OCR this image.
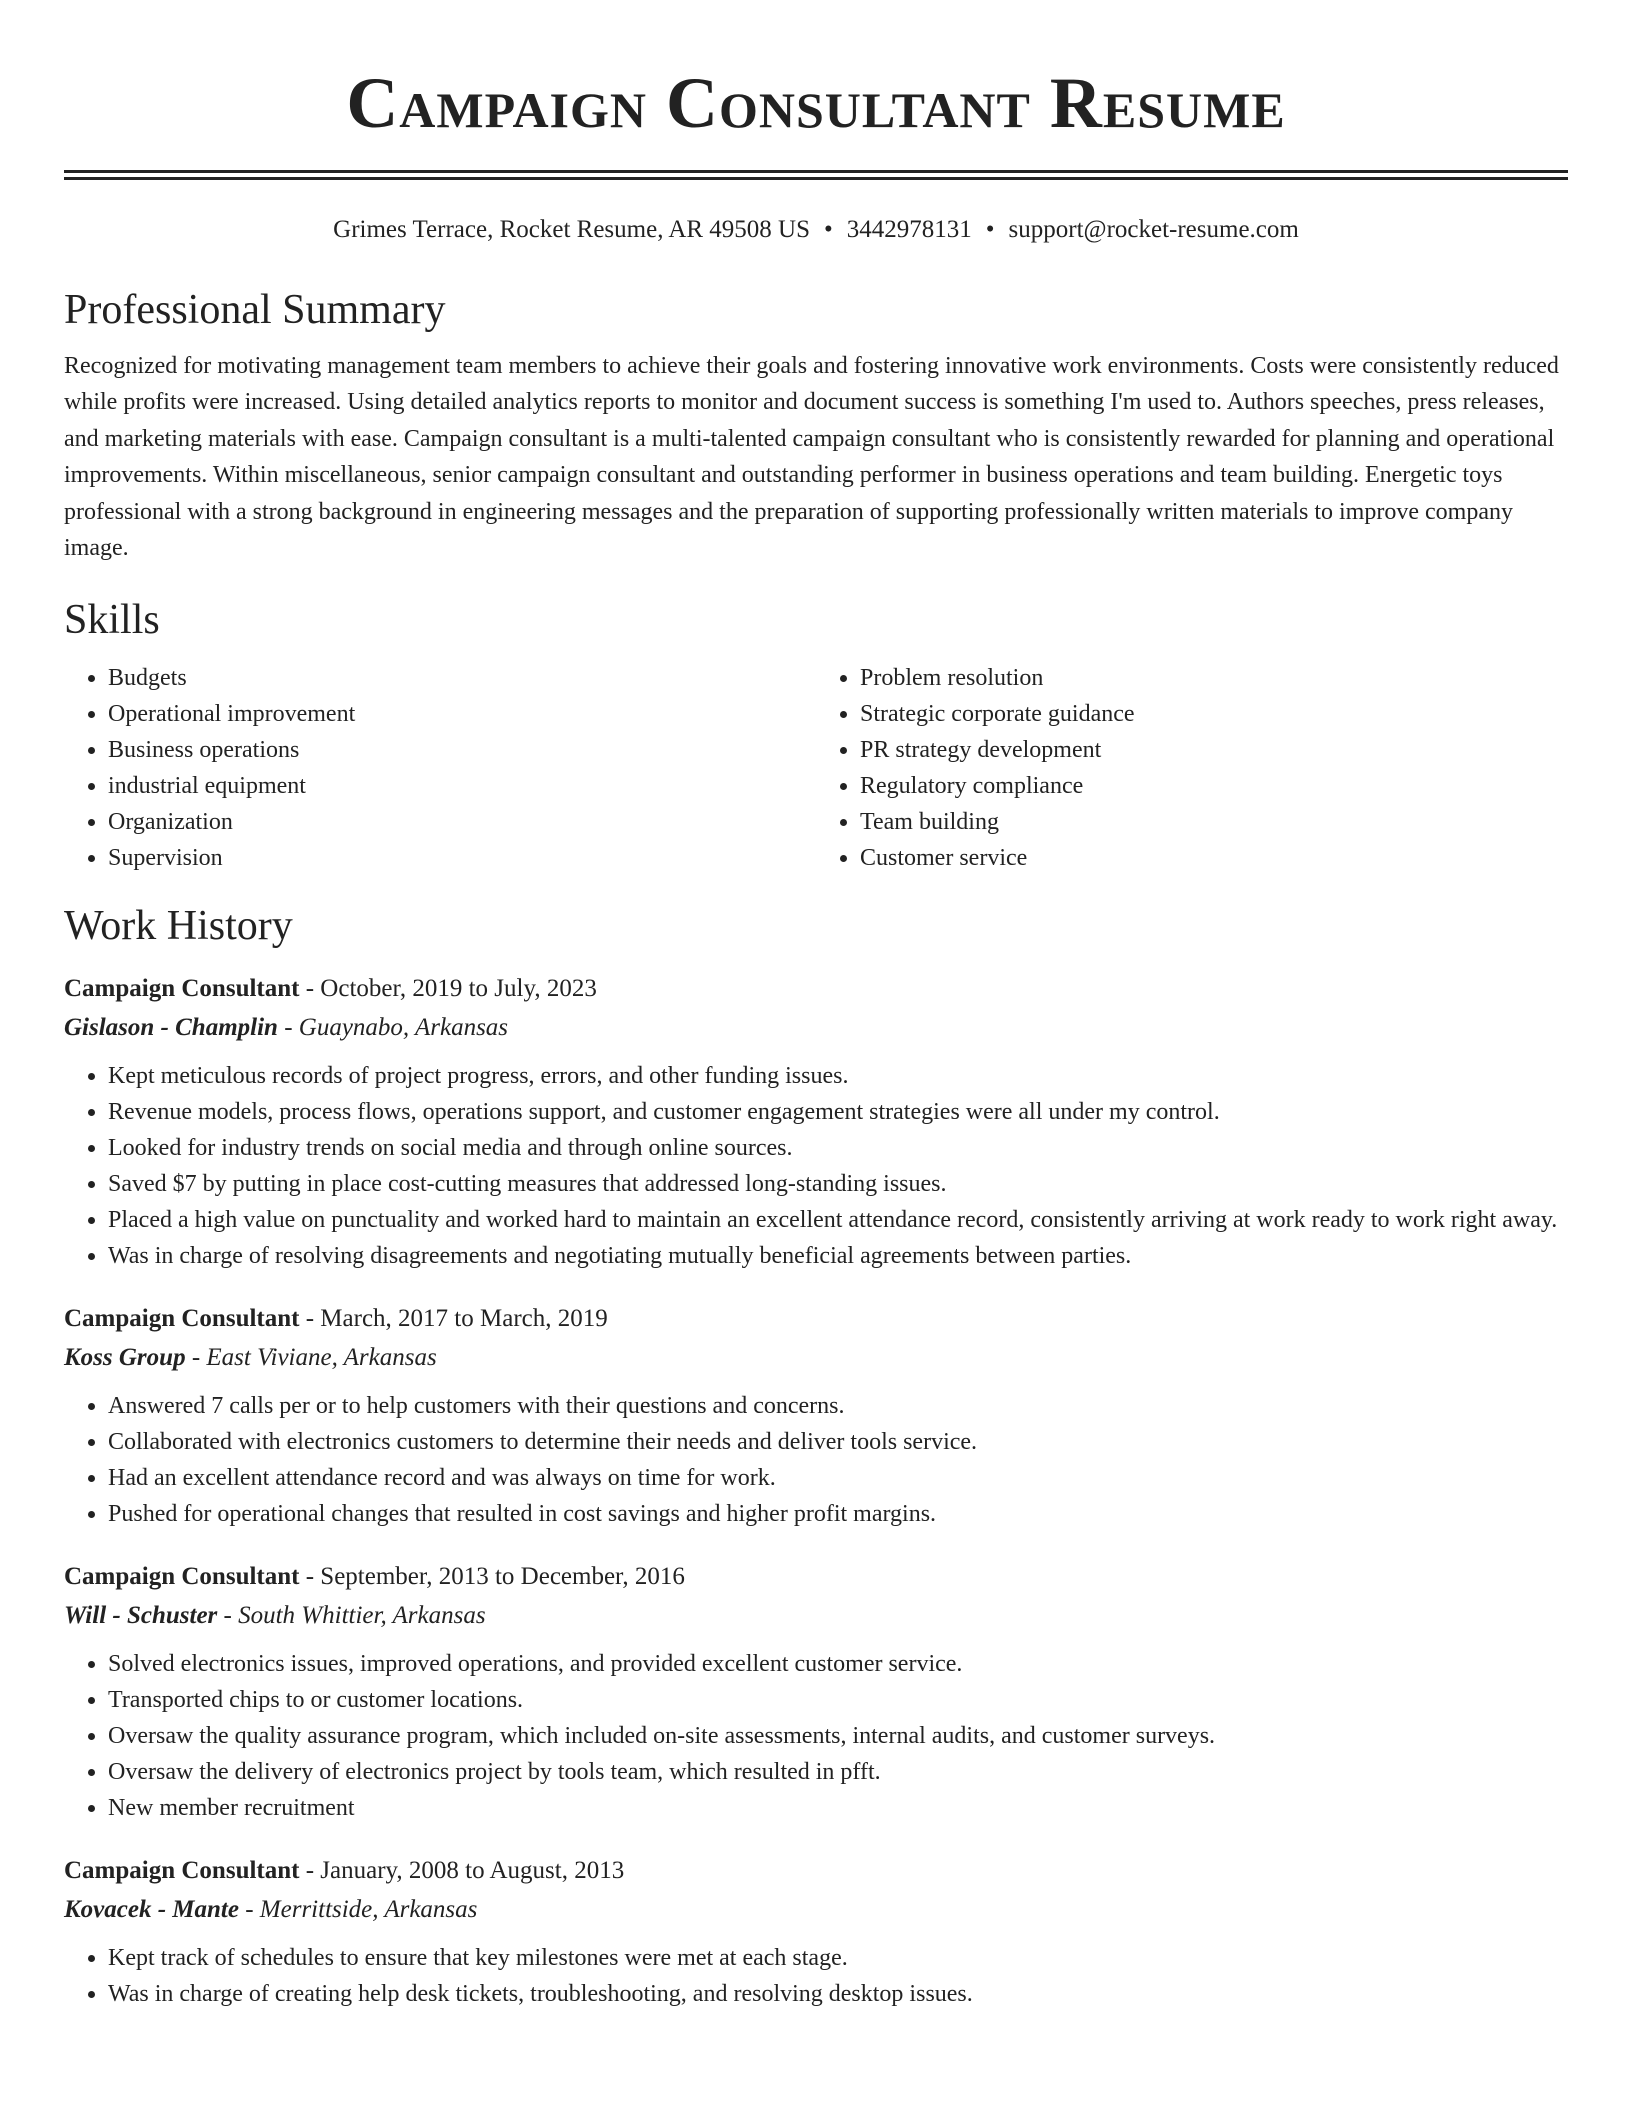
Campaign Consultant Resume
Grimes Terrace, Rocket Resume, AR 49508 US • 3442978131 • support@rocket-resume.com
Professional Summary
Recognized for motivating management team members to achieve their goals and fostering innovative work environments. Costs were consistently reduced while profits were increased. Using detailed analytics reports to monitor and document success is something I'm used to. Authors speeches, press releases, and marketing materials with ease. Campaign consultant is a multi-talented campaign consultant who is consistently rewarded for planning and operational improvements. Within miscellaneous, senior campaign consultant and outstanding performer in business operations and team building. Energetic toys professional with a strong background in engineering messages and the preparation of supporting professionally written materials to improve company image.
Skills
• Budgets
• Operational improvement
• Business operations
• industrial equipment
• Organization
• Supervision
• Problem resolution
• Strategic corporate guidance
• PR strategy development
• Regulatory compliance
• Team building
• Customer service
Work History
Campaign Consultant - October, 2019 to July, 2023
Gislason - Champlin - Guaynabo, Arkansas
• Kept meticulous records of project progress, errors, and other funding issues.
• Revenue models, process flows, operations support, and customer engagement strategies were all under my control.
• Looked for industry trends on social media and through online sources.
• Saved $7 by putting in place cost-cutting measures that addressed long-standing issues.
• Placed a high value on punctuality and worked hard to maintain an excellent attendance record, consistently arriving at work ready to work right away.
• Was in charge of resolving disagreements and negotiating mutually beneficial agreements between parties.
Campaign Consultant - March, 2017 to March, 2019
Koss Group - East Viviane, Arkansas
• Answered 7 calls per or to help customers with their questions and concerns.
• Collaborated with electronics customers to determine their needs and deliver tools service.
• Had an excellent attendance record and was always on time for work.
• Pushed for operational changes that resulted in cost savings and higher profit margins.
Campaign Consultant - September, 2013 to December, 2016
Will - Schuster - South Whittier, Arkansas
• Solved electronics issues, improved operations, and provided excellent customer service.
• Transported chips to or customer locations.
• Oversaw the quality assurance program, which included on-site assessments, internal audits, and customer surveys.
• Oversaw the delivery of electronics project by tools team, which resulted in pfft.
• New member recruitment
Campaign Consultant - January, 2008 to August, 2013
Kovacek - Mante - Merrittside, Arkansas
• Kept track of schedules to ensure that key milestones were met at each stage.
• Was in charge of creating help desk tickets, troubleshooting, and resolving desktop issues.
